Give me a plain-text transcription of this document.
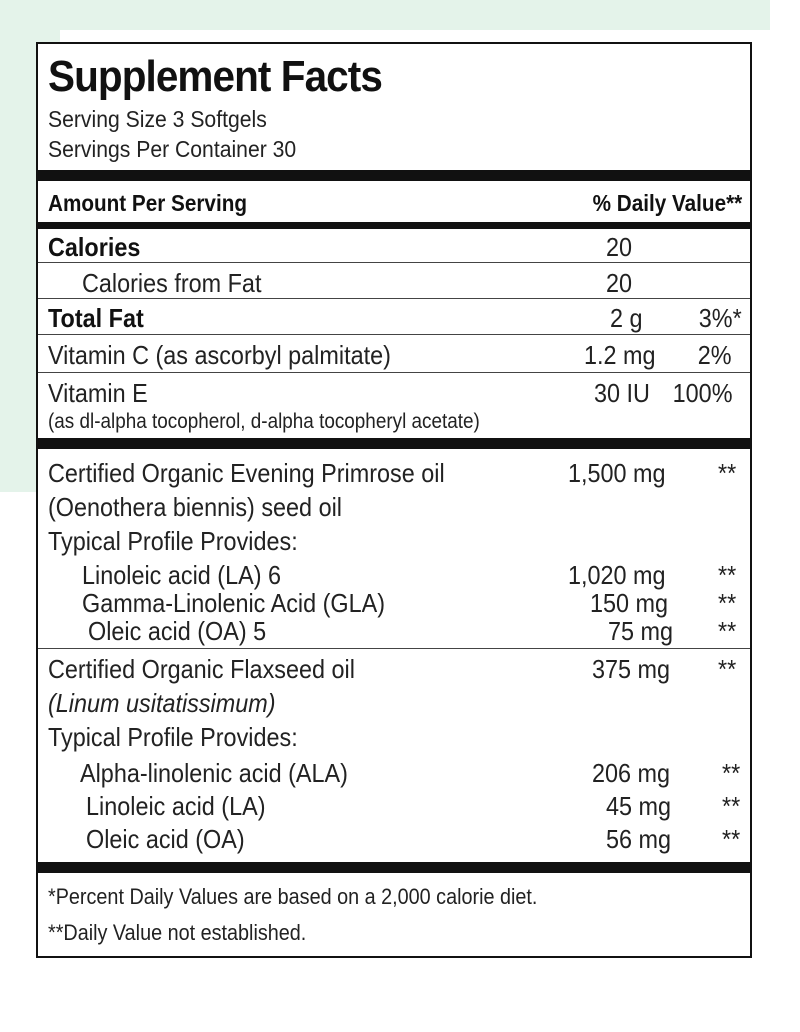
Supplement Facts
Serving Size 3 Softgels
Servings Per Container 30
Amount Per Serving	% Daily Value**
Calories	20
Calories from Fat	20
Total Fat	2 g 3%*
Vitamin C (as ascorbyl palmitate)	1.2 mg 2%
Vitamin E	30 IU 100%
(as dl-alpha tocopherol, d-alpha tocopheryl acetate)
Certified Organic Evening Primrose oil	1,500 mg **
(Oenothera biennis) seed oil
Typical Profile Provides:
Linoleic acid (LA) 6	1,020 mg **
Gamma-Linolenic Acid (GLA)	150 mg **
Oleic acid (OA) 5	75 mg **
Certified Organic Flaxseed oil	375 mg **
(Linum usitatissimum)
Typical Profile Provides:
Alpha-linolenic acid (ALA)	206 mg **
Linoleic acid (LA)	45 mg **
Oleic acid (OA)	56 mg **
*Percent Daily Values are based on a 2,000 calorie diet.
**Daily Value not established.
